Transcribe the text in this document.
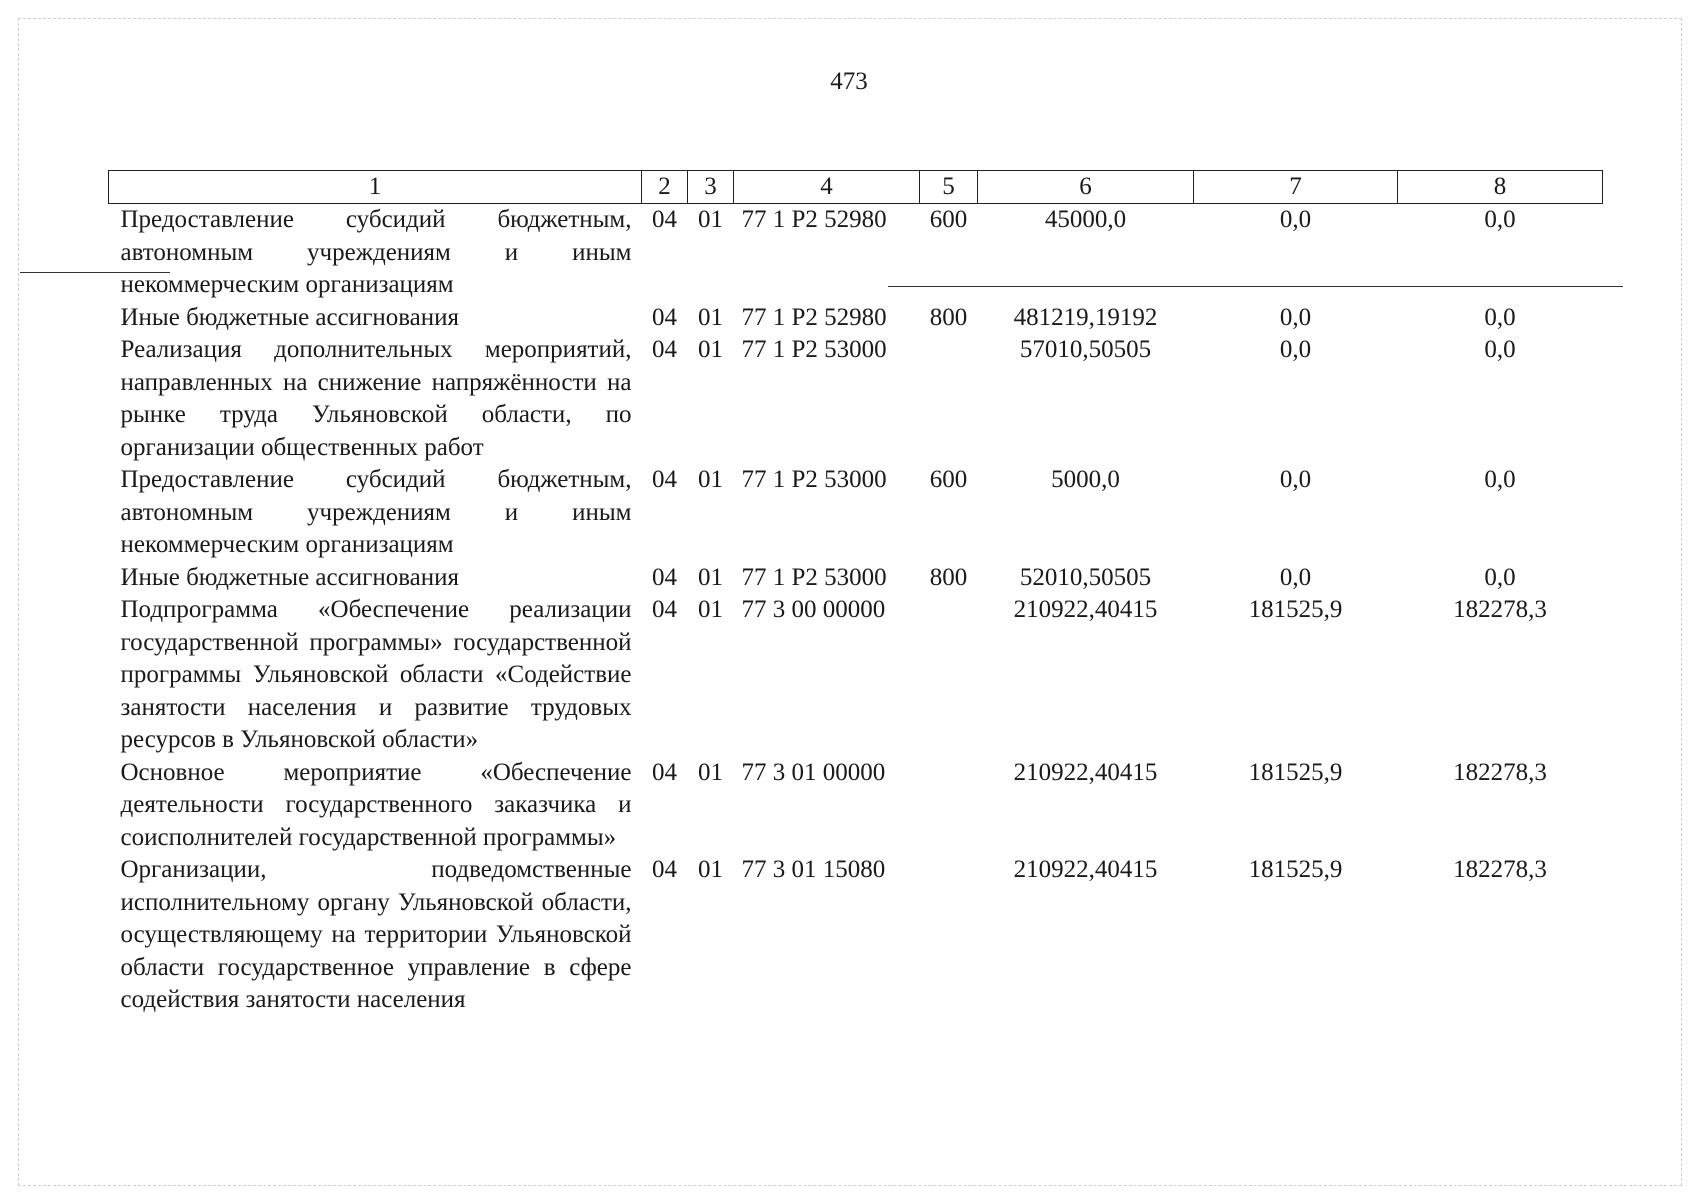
473
1	2	3	4	5	6	7	8
Предоставление субсидий бюджетным, автономным учреждениям и иным некоммерческим организациям	04	01	77 1 P2 52980	600	45000,0	0,0	0,0
Иные бюджетные ассигнования	04	01	77 1 P2 52980	800	481219,19192	0,0	0,0
Реализация дополнительных мероприятий, направленных на снижение напряжённости на рынке труда Ульяновской области, по организации общественных работ	04	01	77 1 P2 53000		57010,50505	0,0	0,0
Предоставление субсидий бюджетным, автономным учреждениям и иным некоммерческим организациям	04	01	77 1 P2 53000	600	5000,0	0,0	0,0
Иные бюджетные ассигнования	04	01	77 1 P2 53000	800	52010,50505	0,0	0,0
Подпрограмма «Обеспечение реализации государственной программы» государственной программы Ульяновской области «Содействие занятости населения и развитие трудовых ресурсов в Ульяновской области»	04	01	77 3 00 00000		210922,40415	181525,9	182278,3
Основное мероприятие «Обеспечение деятельности государственного заказчика и соисполнителей государственной программы»	04	01	77 3 01 00000		210922,40415	181525,9	182278,3
Организации, подведомственные исполнительному органу Ульяновской области, осуществляющему на территории Ульяновской области государственное управление в сфере содействия занятости населения	04	01	77 3 01 15080		210922,40415	181525,9	182278,3
